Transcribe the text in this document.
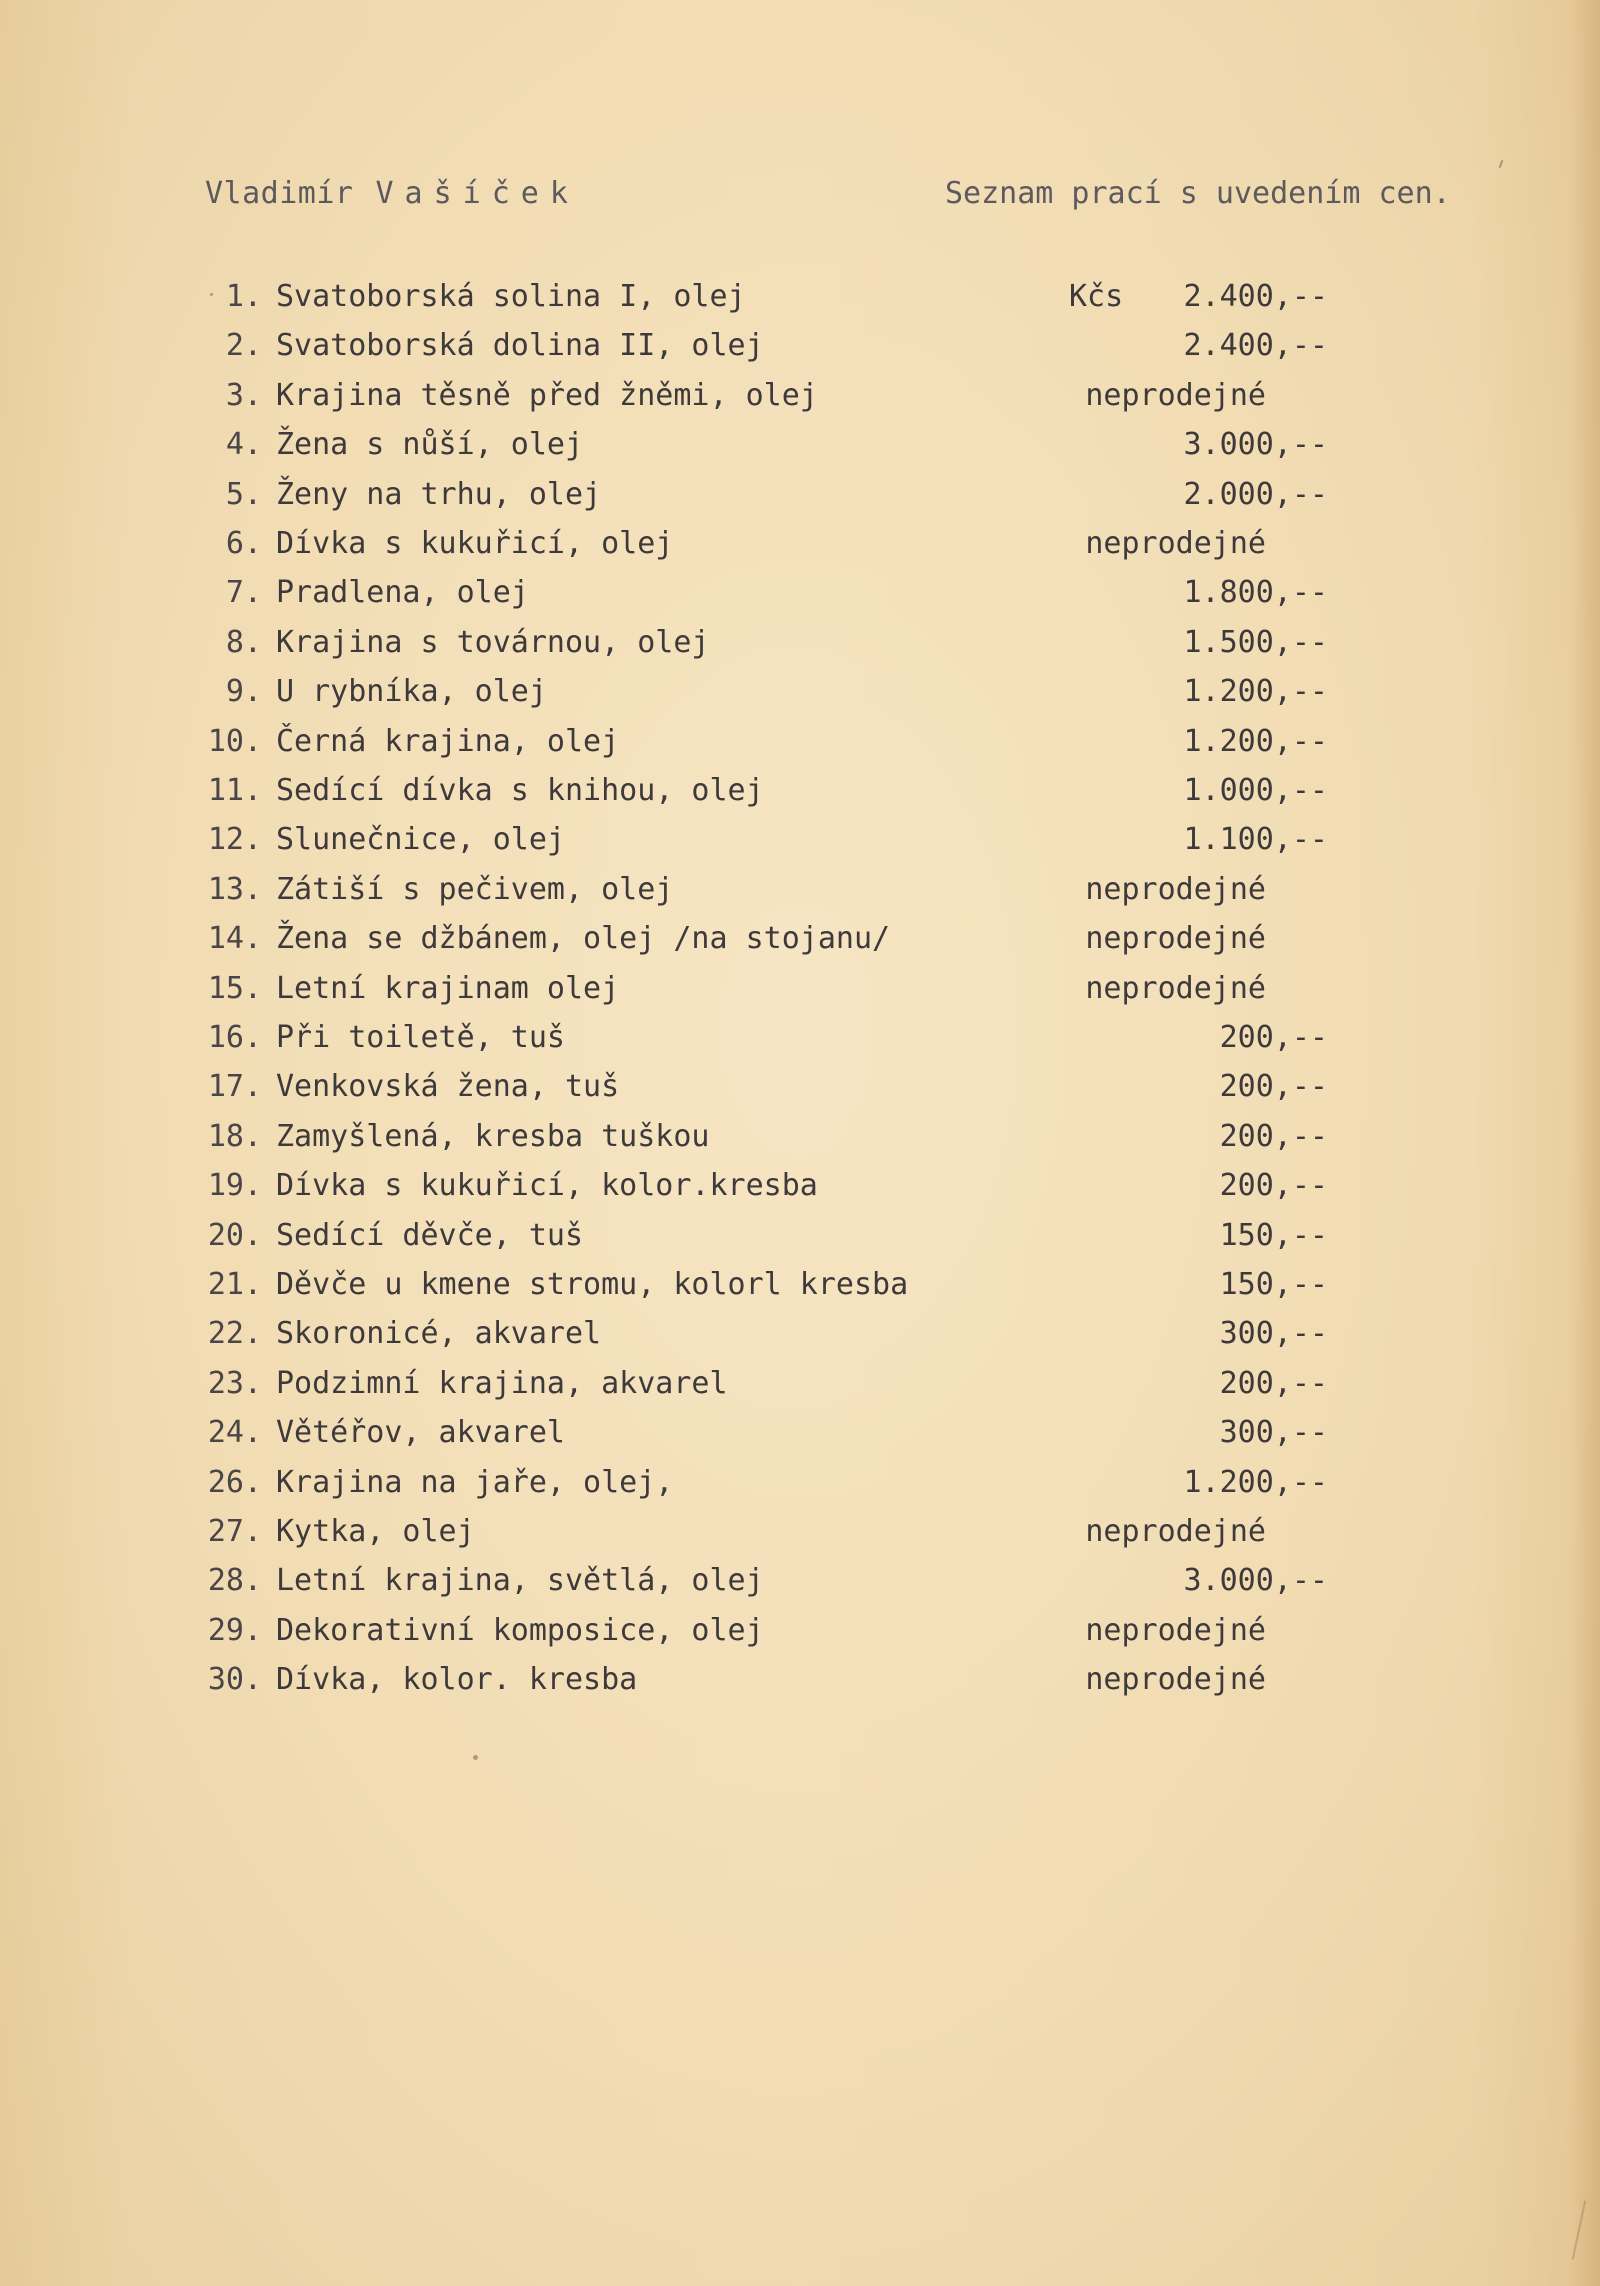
Vladimír Vašíček	Seznam prací s uvedením cen.
1. Svatoborská solina I, olej	Kčs 2.400,--
2. Svatoborská dolina II, olej	2.400,--
3. Krajina těsně před žněmi, olej	neprodejné
4. Žena s nůší, olej	3.000,--
5. Ženy na trhu, olej	2.000,--
6. Dívka s kukuřicí, olej	neprodejné
7. Pradlena, olej	1.800,--
8. Krajina s továrnou, olej	1.500,--
9. U rybníka, olej	1.200,--
10. Černá krajina, olej	1.200,--
11. Sedící dívka s knihou, olej	1.000,--
12. Slunečnice, olej	1.100,--
13. Zátiší s pečivem, olej	neprodejné
14. Žena se džbánem, olej /na stojanu/	neprodejné
15. Letní krajinam olej	neprodejné
16. Při toiletě, tuš	200,--
17. Venkovská žena, tuš	200,--
18. Zamyšlená, kresba tuškou	200,--
19. Dívka s kukuřicí, kolor.kresba	200,--
20. Sedící děvče, tuš	150,--
21. Děvče u kmene stromu, kolorl kresba	150,--
22. Skoronicé, akvarel	300,--
23. Podzimní krajina, akvarel	200,--
24. Větéřov, akvarel	300,--
26. Krajina na jaře, olej,	1.200,--
27. Kytka, olej	neprodejné
28. Letní krajina, světlá, olej	3.000,--
29. Dekorativní komposice, olej	neprodejné
30. Dívka, kolor. kresba	neprodejné
